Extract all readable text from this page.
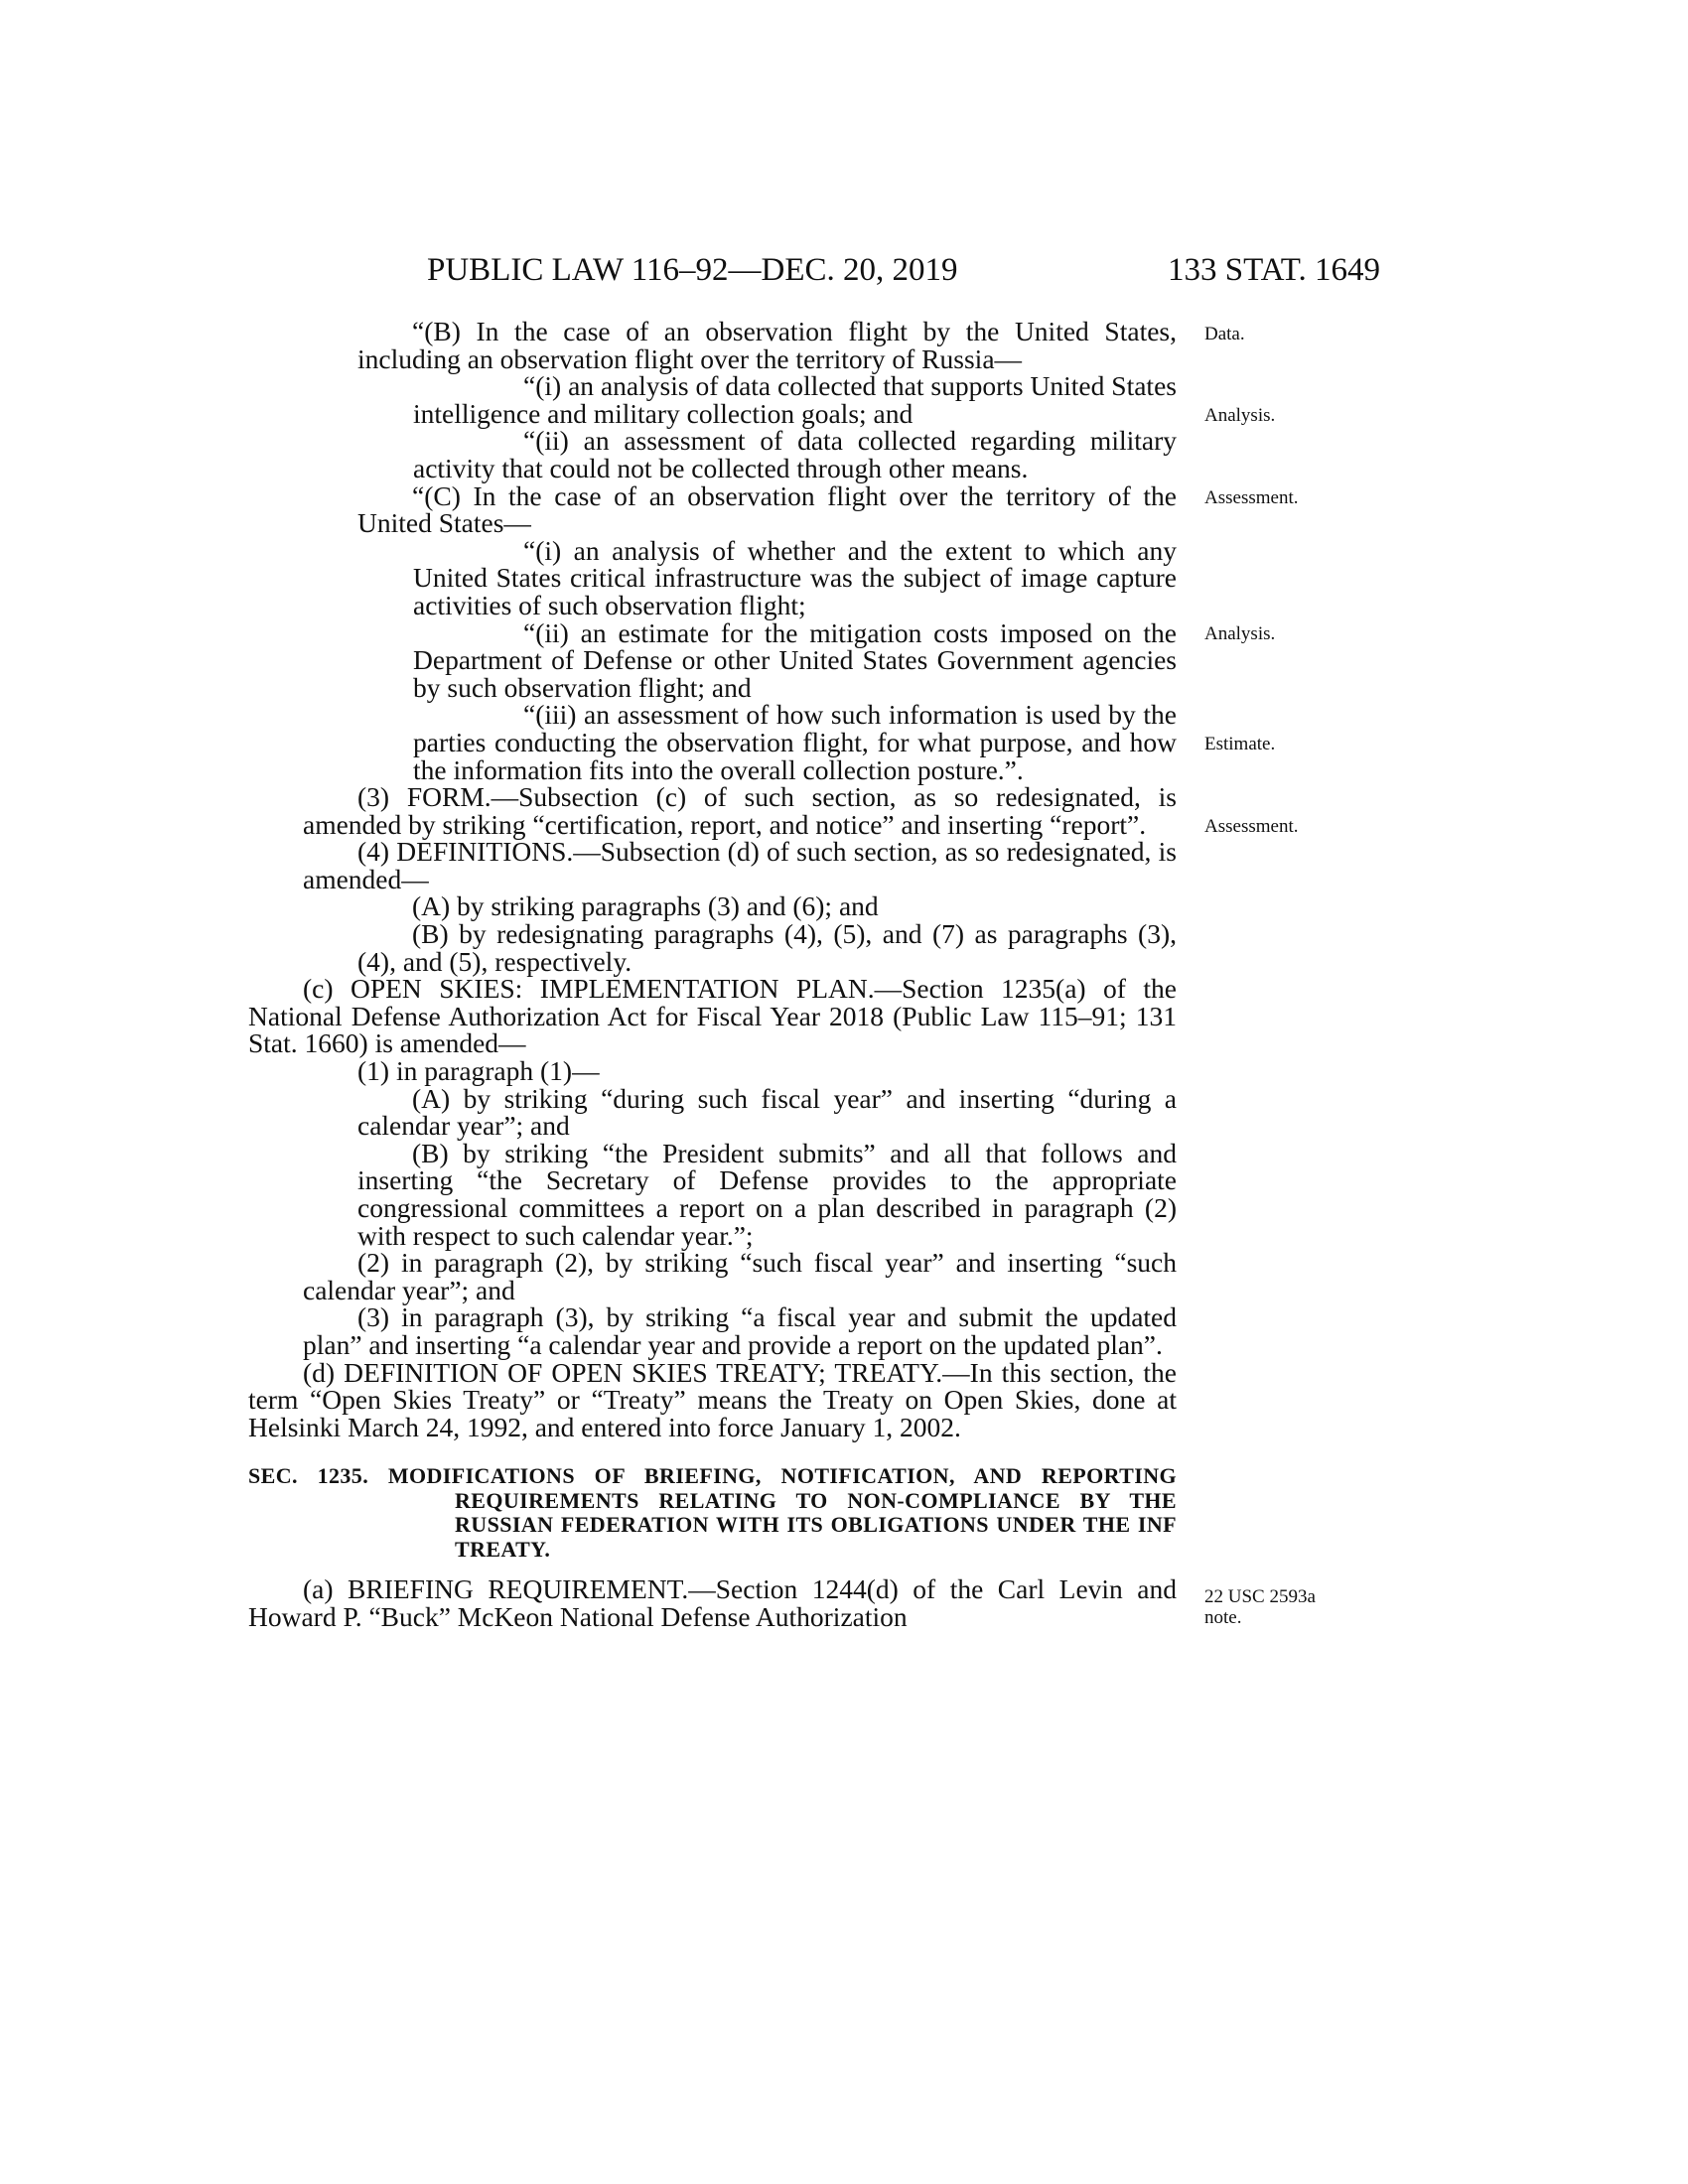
PUBLIC LAW 116–92—DEC. 20, 2019	133 STAT. 1649

“(B) In the case of an observation flight by the United States, including an observation flight over the territory of Russia—

“(i) an analysis of data collected that supports United States intelligence and military collection goals; and

“(ii) an assessment of data collected regarding military activity that could not be collected through other means.

“(C) In the case of an observation flight over the territory of the United States—

“(i) an analysis of whether and the extent to which any United States critical infrastructure was the subject of image capture activities of such observation flight;

“(ii) an estimate for the mitigation costs imposed on the Department of Defense or other United States Government agencies by such observation flight; and

“(iii) an assessment of how such information is used by the parties conducting the observation flight, for what purpose, and how the information fits into the overall collection posture.”.

(3) FORM.—Subsection (c) of such section, as so redesignated, is amended by striking “certification, report, and notice” and inserting “report”.

(4) DEFINITIONS.—Subsection (d) of such section, as so redesignated, is amended—

(A) by striking paragraphs (3) and (6); and

(B) by redesignating paragraphs (4), (5), and (7) as paragraphs (3), (4), and (5), respectively.

(c) OPEN SKIES: IMPLEMENTATION PLAN.—Section 1235(a) of the National Defense Authorization Act for Fiscal Year 2018 (Public Law 115–91; 131 Stat. 1660) is amended—

(1) in paragraph (1)—

(A) by striking “during such fiscal year” and inserting “during a calendar year”; and

(B) by striking “the President submits” and all that follows and inserting “the Secretary of Defense provides to the appropriate congressional committees a report on a plan described in paragraph (2) with respect to such calendar year.”;

(2) in paragraph (2), by striking “such fiscal year” and inserting “such calendar year”; and

(3) in paragraph (3), by striking “a fiscal year and submit the updated plan” and inserting “a calendar year and provide a report on the updated plan”.

(d) DEFINITION OF OPEN SKIES TREATY; TREATY.—In this section, the term “Open Skies Treaty” or “Treaty” means the Treaty on Open Skies, done at Helsinki March 24, 1992, and entered into force January 1, 2002.

SEC. 1235. MODIFICATIONS OF BRIEFING, NOTIFICATION, AND REPORTING REQUIREMENTS RELATING TO NON-COMPLIANCE BY THE RUSSIAN FEDERATION WITH ITS OBLIGATIONS UNDER THE INF TREATY.

(a) BRIEFING REQUIREMENT.—Section 1244(d) of the Carl Levin and Howard P. “Buck” McKeon National Defense Authorization

Data.
Analysis.
Assessment.
Analysis.
Estimate.
Assessment.
22 USC 2593a note.
